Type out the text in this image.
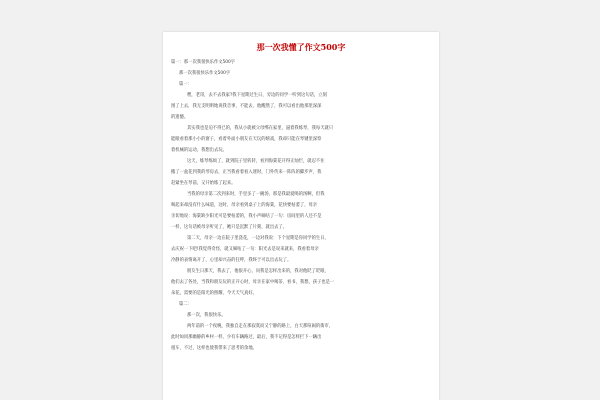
那一次我懂了作文500字
篇一：那一次我很快乐作文500字
那一次我很快乐作文500字
篇一：
嘿，老哥，去不去我家?我下星期过生日，旁边的同学一听到这句话，立刻
围了上去，我无支明明地说我音事，不能去，他醒然了，我可以看出他那里深深
的遗憾。
其实我也是迫不得已的，我从小就被父母绑在家里，逼着我练琴，我每天就只
能眼看着那小小的窗子，看着外面小朋友在天玩的嬉戏，我却只能在琴键里深察
着机械的运动，我想出去玩。
这天，练琴练烦了，就到院子里转转，看到海棠花开得正灿烂，就忍不住
搬了一盆花到我的琴房去，正当我看着看入迷时，门外传来一阵阵的脚步声，我
赶紧坐在琴前，又开始练了起来。
当我的母亲第二次到来时，手里多了一碗汤，那是我最爱喝的汤啊，但我
喝起来却没有什么味道，这时，母亲看到桌子上的海棠，花快要枯萎了，母亲
亲切地说：海棠缺少阳光可是要枯萎的，我小声嘀咕了一句：房间里的人还不是
一样，这句话被母亲听见了，她只是沉默了片刻，就出去了。
第二天，母亲一边在院子里浇花，一边对我说：下个星期是你同学的生日，
去庆祝一下吧!我觉得奇怪，就又嘀咕了一句：阳光去是说来就来，我看着母亲
冷静的表情离开了，心里却兴奋的狂呼，我终于可以出去玩了。
朋友生日那天，我去了，他很开心，问我是怎样出来的，我对他眨了眨眼，
他们去了各处，当我和朋友玩的正开心时，母亲在家中喝茶、看书，我想，孩子也是一
朵花，需要的是阳光的照耀，今天天气真好。
篇二：
那一次，我很快乐。
两年前的一个夜晚，我独自走在那寂寞而又宁静的路上，白天那喧闹的街市，
此时如同那幽静的乡村一样，少有车辆路过，最后，我不记得是怎样拦下一辆出
租车，不过，这样也使我带来了思考的余地。
